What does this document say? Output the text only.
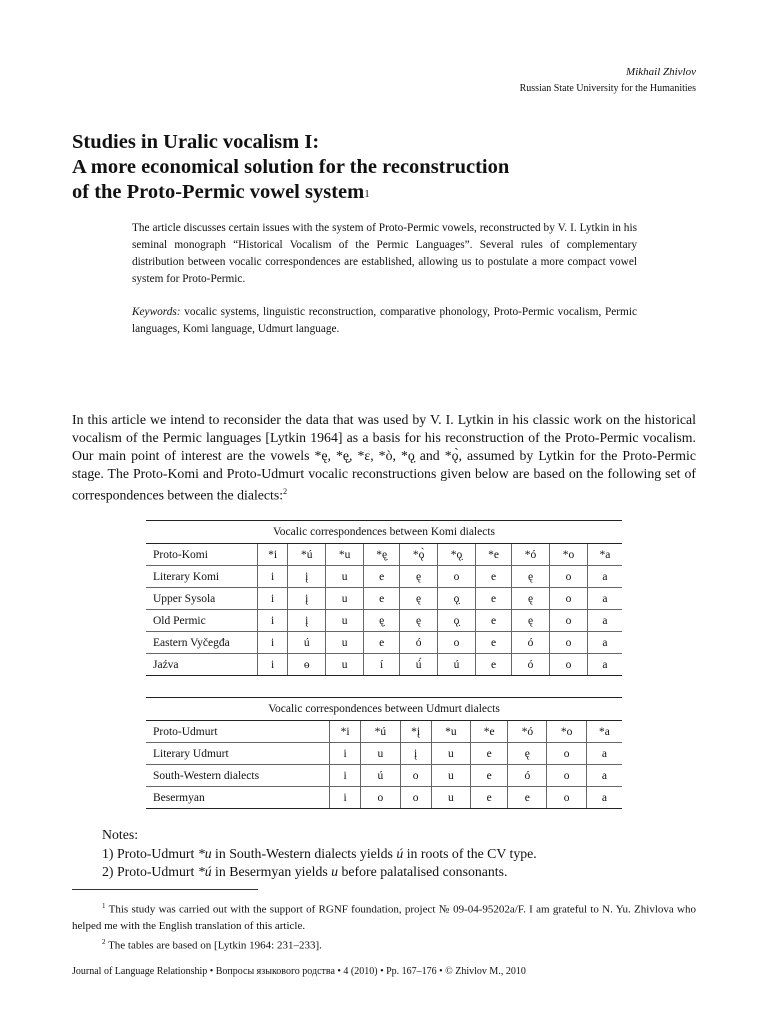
Mikhail Zhivlov
Russian State University for the Humanities
Studies in Uralic vocalism I:
A more economical solution for the reconstruction
of the Proto-Permic vowel system$^1$

The article discusses certain issues with the system of Proto-Permic vowels, reconstructed by V. I. Lytkin in his seminal monograph “Historical Vocalism of the Permic Languages”. Several rules of complementary distribution between vocalic correspondences are established, allowing us to postulate a more compact vowel system for Proto-Permic.

Keywords: vocalic systems, linguistic reconstruction, comparative phonology, Proto-Permic vocalism, Permic languages, Komi language, Udmurt language.

In this article we intend to reconsider the data that was used by V. I. Lytkin in his classic work on the historical vocalism of the Permic languages [Lytkin 1964] as a basis for his reconstruction of the Proto-Permic vocalism. Our main point of interest are the vowels *ę, *ę̣, *ɛ, *ò, *ǫ̣ and *ǫ̀, assumed by Lytkin for the Proto-Permic stage. The Proto-Komi and Proto-Udmurt vocalic reconstructions given below are based on the following set of correspondences between the dialects:$^2$

Vocalic correspondences between Komi dialects										
Proto-Komi	*i	*ú	*u	*ę̣	*ǫ̀	*ǫ̣	*e	*ó	*o	*a
Literary Komi	i	į	u	e	ę	o	e	ę	o	a
Upper Sysola	i	į	u	e	ę	ǫ̣	e	ę	o	a
Old Permic	i	į	u	ę̣	ę	ǫ̣	e	ę	o	a
Eastern Vyčegđa	i	ú	u	e	ó	o	e	ó	o	a
Jaźva	i	ɵ	u	í	ú́	ú	e	ó	o	a
Vocalic correspondences between Udmurt dialects								
Proto-Udmurt	*i	*ú	*į	*u	*e	*ó	*o	*a
Literary Udmurt	i	u	į	u	e	ę	o	a
South-Western dialects	i	ú	o	u	e	ó	o	a
Besermyan	i	o	o	u	e	e	o	a
Notes:
1) Proto-Udmurt *u in South-Western dialects yields ú in roots of the CV type.
2) Proto-Udmurt *ú in Besermyan yields u before palatalised consonants.
$^1$ This study was carried out with the support of RGNF foundation, project № 09-04-95202a/F. I am grateful to N. Yu. Zhivlova who helped me with the English translation of this article.
$^2$ The tables are based on [Lytkin 1964: 231–233].
Journal of Language Relationship • Вопросы языкового родства • 4 (2010) • Pp. 167–176 • © Zhivlov M., 2010
